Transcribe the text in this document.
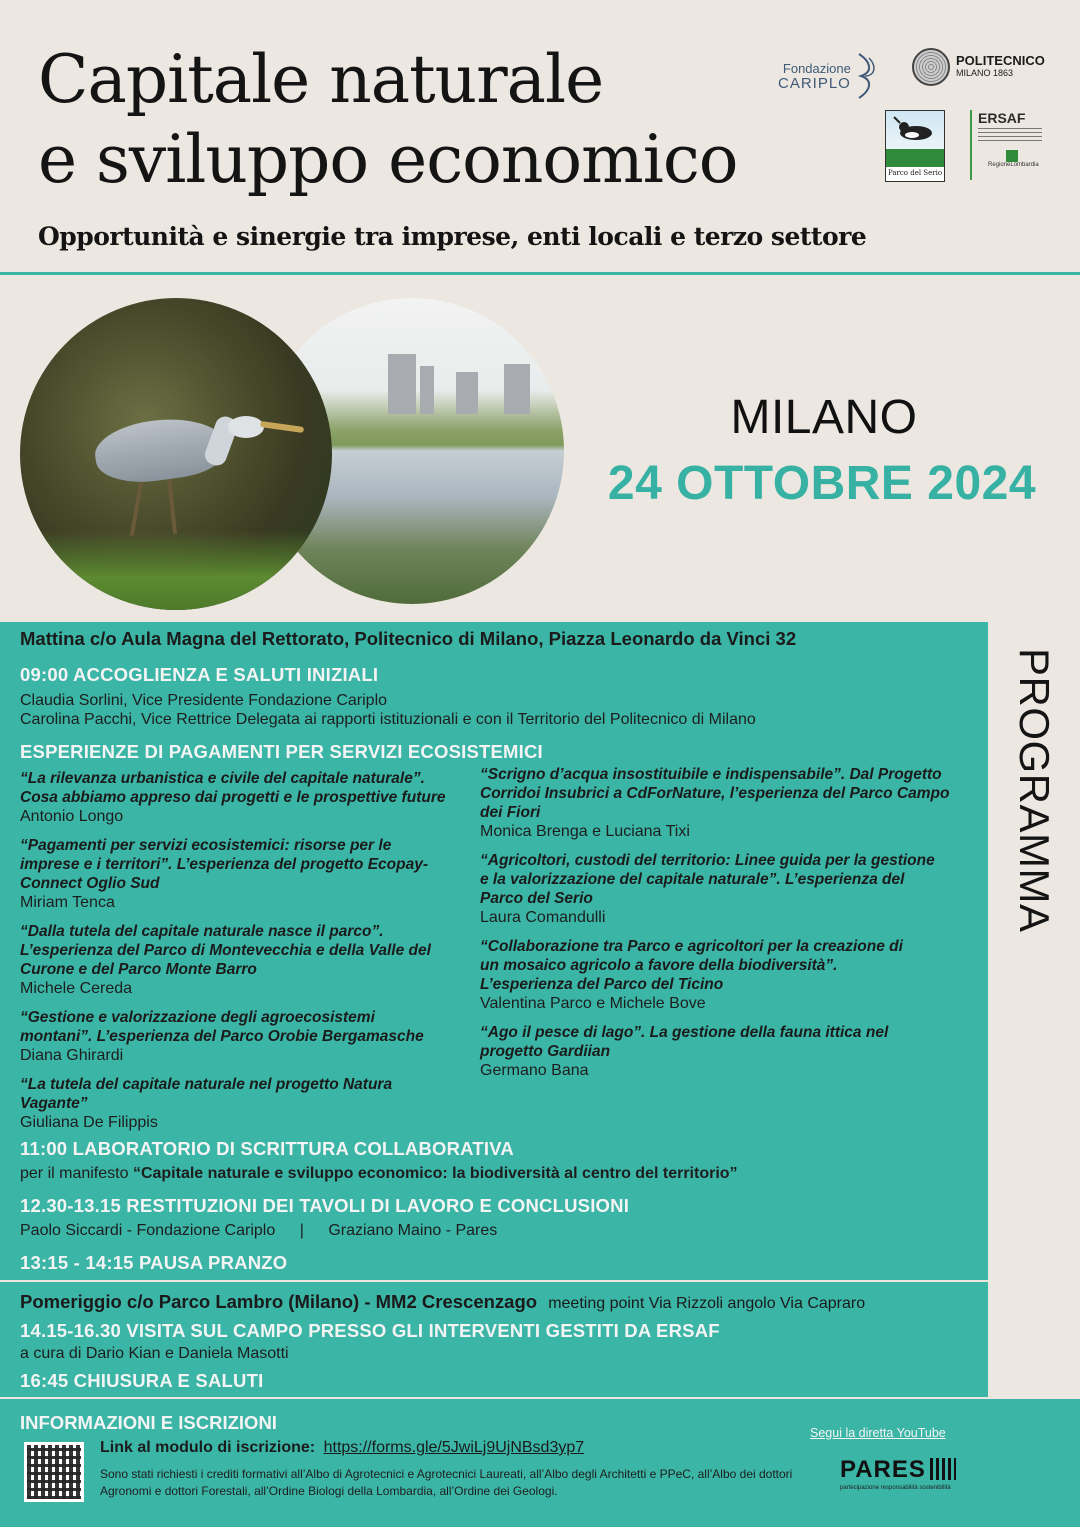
Capitale naturale
e sviluppo economico
Opportunità e sinergie tra imprese, enti locali e terzo settore
Fondazione
CARIPLO
POLITECNICO
MILANO 1863
Parco del Serio
ERSAF
RegioneLombardia
MILANO
24 OTTOBRE 2024
PROGRAMMA
Mattina c/o Aula Magna del Rettorato, Politecnico di Milano, Piazza Leonardo da Vinci 32
09:00 ACCOGLIENZA E SALUTI INIZIALI
Claudia Sorlini, Vice Presidente Fondazione Cariplo
Carolina Pacchi, Vice Rettrice Delegata ai rapporti istituzionali e con il Territorio del Politecnico di Milano
ESPERIENZE DI PAGAMENTI PER SERVIZI ECOSISTEMICI
“La rilevanza urbanistica e civile del capitale naturale”.
Cosa abbiamo appreso dai progetti e le prospettive future
Antonio Longo
“Pagamenti per servizi ecosistemici: risorse per le
imprese e i territori”. L’esperienza del progetto Ecopay-
Connect Oglio Sud
Miriam Tenca
“Dalla tutela del capitale naturale nasce il parco”.
L’esperienza del Parco di Montevecchia e della Valle del
Curone e del Parco Monte Barro
Michele Cereda
“Gestione e valorizzazione degli agroecosistemi
montani”. L’esperienza del Parco Orobie Bergamasche
Diana Ghirardi
“La tutela del capitale naturale nel progetto Natura
Vagante”
Giuliana De Filippis
“Scrigno d’acqua insostituibile e indispensabile”. Dal Progetto
Corridoi Insubrici a CdForNature, l’esperienza del Parco Campo
dei Fiori
Monica Brenga e Luciana Tixi
“Agricoltori, custodi del territorio: Linee guida per la gestione
e la valorizzazione del capitale naturale”. L’esperienza del
Parco del Serio
Laura Comandulli
“Collaborazione tra Parco e agricoltori per la creazione di
un mosaico agricolo a favore della biodiversità”.
L’esperienza del Parco del Ticino
Valentina Parco e Michele Bove
“Ago il pesce di lago”. La gestione della fauna ittica nel
progetto Gardiian
Germano Bana
11:00 LABORATORIO DI SCRITTURA COLLABORATIVA
per il manifesto “Capitale naturale e sviluppo economico: la biodiversità al centro del territorio”
12.30-13.15 RESTITUZIONI DEI TAVOLI DI LAVORO E CONCLUSIONI
Paolo Siccardi - Fondazione Cariplo | Graziano Maino - Pares
13:15 - 14:15 PAUSA PRANZO
Pomeriggio c/o Parco Lambro (Milano) - MM2 Crescenzago meeting point Via Rizzoli angolo Via Capraro
14.15-16.30 VISITA SUL CAMPO PRESSO GLI INTERVENTI GESTITI DA ERSAF
a cura di Dario Kian e Daniela Masotti
16:45 CHIUSURA E SALUTI
INFORMAZIONI E ISCRIZIONI
Link al modulo di iscrizione: https://forms.gle/5JwiLj9UjNBsd3yp7
Sono stati richiesti i crediti formativi all’Albo di Agrotecnici e Agrotecnici Laureati, all’Albo degli Architetti e PPeC, all’Albo dei dottori Agronomi e dottori Forestali, all’Ordine Biologi della Lombardia, all’Ordine dei Geologi.
Segui la diretta YouTube
PARES
partecipazione responsabilità sostenibilità
